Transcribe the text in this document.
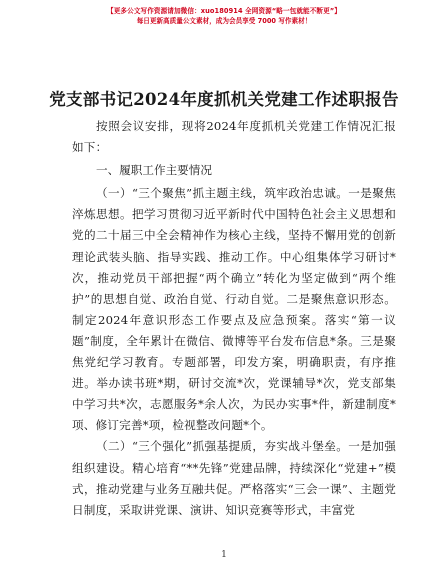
【更多公文写作资源请加微信：xuo180914 全网资源“略一包就能不断更”】
每日更新高质量公文素材，成为会员享受 7000 写作素材！
党支部书记2024年度抓机关党建工作述职报告

按照会议安排，现将2024年度抓机关党建工作情况汇报如下：

一、履职工作主要情况

（一）“三个聚焦”抓主题主线，筑牢政治忠诚。一是聚焦淬炼思想。把学习贯彻习近平新时代中国特色社会主义思想和党的二十届三中全会精神作为核心主线，坚持不懈用党的创新理论武装头脑、指导实践、推动工作。中心组集体学习研讨*次，推动党员干部把握“两个确立”转化为坚定做到“两个维护”的思想自觉、政治自觉、行动自觉。二是聚焦意识形态。制定2024年意识形态工作要点及应急预案。落实“第一议题”制度，全年累计在微信、微博等平台发布信息*条。三是聚焦党纪学习教育。专题部署，印发方案，明确职责，有序推进。举办读书班*期，研讨交流*次，党课辅导*次，党支部集中学习共*次，志愿服务*余人次，为民办实事*件，新建制度*项、修订完善*项，检视整改问题*个。

（二）“三个强化”抓强基提质，夯实战斗堡垒。一是加强组织建设。精心培育“**先锋”党建品牌，持续深化“党建+”模式，推动党建与业务互融共促。严格落实“三会一课”、主题党日制度，采取讲党课、演讲、知识竞赛等形式，丰富党

1
